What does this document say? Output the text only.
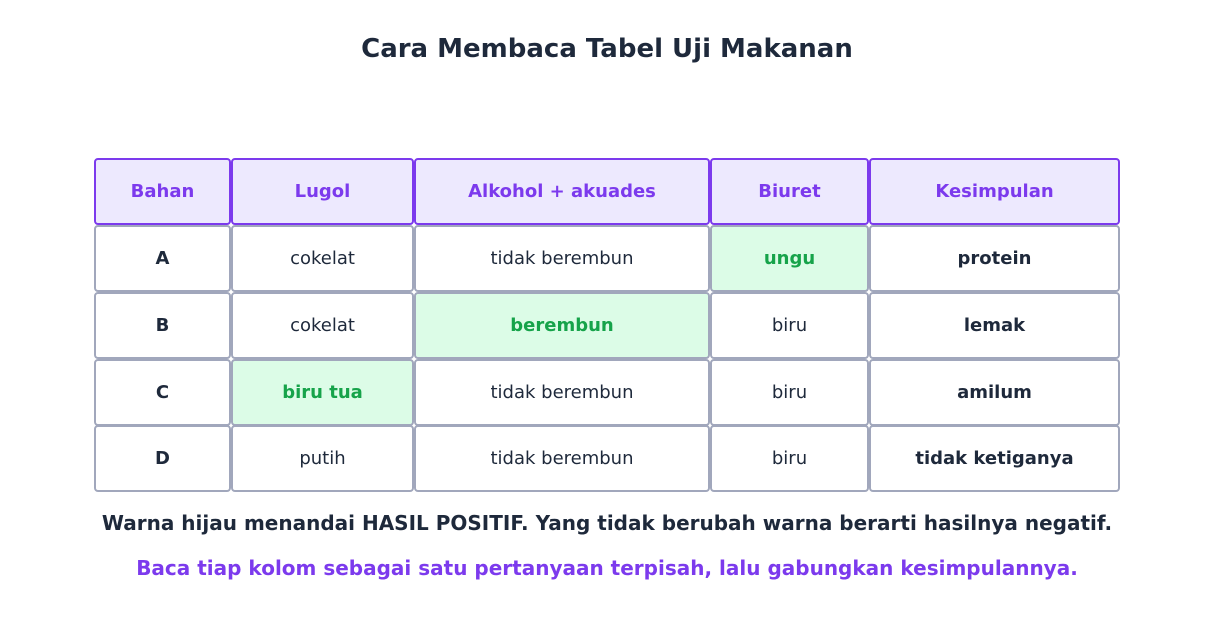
Cara Membaca Tabel Uji Makanan
Bahan	Lugol	Alkohol + akuades	Biuret	Kesimpulan
A	cokelat	tidak berembun	ungu	protein
B	cokelat	berembun	biru	lemak
C	biru tua	tidak berembun	biru	amilum
D	putih	tidak berembun	biru	tidak ketiganya
Warna hijau menandai HASIL POSITIF. Yang tidak berubah warna berarti hasilnya negatif.
Baca tiap kolom sebagai satu pertanyaan terpisah, lalu gabungkan kesimpulannya.
